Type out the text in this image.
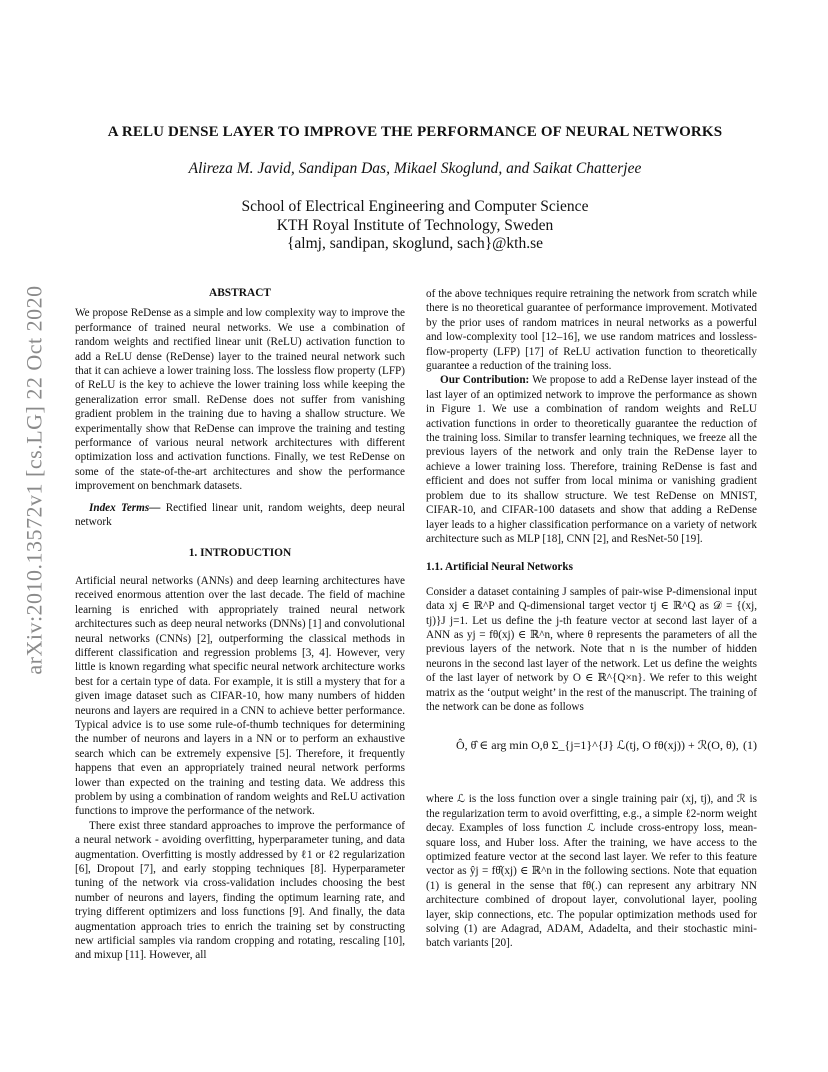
arXiv:2010.13572v1 [cs.LG] 22 Oct 2020
A RELU DENSE LAYER TO IMPROVE THE PERFORMANCE OF NEURAL NETWORKS
Alireza M. Javid, Sandipan Das, Mikael Skoglund, and Saikat Chatterjee
School of Electrical Engineering and Computer Science
KTH Royal Institute of Technology, Sweden
{almj, sandipan, skoglund, sach}@kth.se
ABSTRACT

We propose ReDense as a simple and low complexity way to improve the performance of trained neural networks. We use a combination of random weights and rectified linear unit (ReLU) activation function to add a ReLU dense (ReDense) layer to the trained neural network such that it can achieve a lower training loss. The lossless flow property (LFP) of ReLU is the key to achieve the lower training loss while keeping the generalization error small. ReDense does not suffer from vanishing gradient problem in the training due to having a shallow structure. We experimentally show that ReDense can improve the training and testing performance of various neural network architectures with different optimization loss and activation functions. Finally, we test ReDense on some of the state-of-the-art architectures and show the performance improvement on benchmark datasets.

Index Terms— Rectified linear unit, random weights, deep neural network

1. INTRODUCTION

Artificial neural networks (ANNs) and deep learning architectures have received enormous attention over the last decade. The field of machine learning is enriched with appropriately trained neural network architectures such as deep neural networks (DNNs) [1] and convolutional neural networks (CNNs) [2], outperforming the classical methods in different classification and regression problems [3, 4]. However, very little is known regarding what specific neural network architecture works best for a certain type of data. For example, it is still a mystery that for a given image dataset such as CIFAR-10, how many numbers of hidden neurons and layers are required in a CNN to achieve better performance. Typical advice is to use some rule-of-thumb techniques for determining the number of neurons and layers in a NN or to perform an exhaustive search which can be extremely expensive [5]. Therefore, it frequently happens that even an appropriately trained neural network performs lower than expected on the training and testing data. We address this problem by using a combination of random weights and ReLU activation functions to improve the performance of the network.

There exist three standard approaches to improve the performance of a neural network - avoiding overfitting, hyperparameter tuning, and data augmentation. Overfitting is mostly addressed by ℓ1 or ℓ2 regularization [6], Dropout [7], and early stopping techniques [8]. Hyperparameter tuning of the network via cross-validation includes choosing the best number of neurons and layers, finding the optimum learning rate, and trying different optimizers and loss functions [9]. And finally, the data augmentation approach tries to enrich the training set by constructing new artificial samples via random cropping and rotating, rescaling [10], and mixup [11]. However, all

of the above techniques require retraining the network from scratch while there is no theoretical guarantee of performance improvement. Motivated by the prior uses of random matrices in neural networks as a powerful and low-complexity tool [12–16], we use random matrices and lossless-flow-property (LFP) [17] of ReLU activation function to theoretically guarantee a reduction of the training loss.

Our Contribution: We propose to add a ReDense layer instead of the last layer of an optimized network to improve the performance as shown in Figure 1. We use a combination of random weights and ReLU activation functions in order to theoretically guarantee the reduction of the training loss. Similar to transfer learning techniques, we freeze all the previous layers of the network and only train the ReDense layer to achieve a lower training loss. Therefore, training ReDense is fast and efficient and does not suffer from local minima or vanishing gradient problem due to its shallow structure. We test ReDense on MNIST, CIFAR-10, and CIFAR-100 datasets and show that adding a ReDense layer leads to a higher classification performance on a variety of network architecture such as MLP [18], CNN [2], and ResNet-50 [19].

1.1. Artificial Neural Networks

Consider a dataset containing J samples of pair-wise P-dimensional input data xj ∈ ℝ^P and Q-dimensional target vector tj ∈ ℝ^Q as 𝒟 = {(xj, tj)}J j=1. Let us define the j-th feature vector at second last layer of a ANN as yj = fθ(xj) ∈ ℝ^n, where θ represents the parameters of all the previous layers of the network. Note that n is the number of hidden neurons in the second last layer of the network. Let us define the weights of the last layer of network by O ∈ ℝ^{Q×n}. We refer to this weight matrix as the ‘output weight’ in the rest of the manuscript. The training of the network can be done as follows

Ô, θ̂ ∈ arg min O,θ Σ_{j=1}^{J} ℒ(tj, O fθ(xj)) + ℛ(O, θ), (1)

where ℒ is the loss function over a single training pair (xj, tj), and ℛ is the regularization term to avoid overfitting, e.g., a simple ℓ2-norm weight decay. Examples of loss function ℒ include cross-entropy loss, mean-square loss, and Huber loss. After the training, we have access to the optimized feature vector at the second last layer. We refer to this feature vector as ŷj = fθ̂(xj) ∈ ℝ^n in the following sections. Note that equation (1) is general in the sense that fθ(.) can represent any arbitrary NN architecture combined of dropout layer, convolutional layer, pooling layer, skip connections, etc. The popular optimization methods used for solving (1) are Adagrad, ADAM, Adadelta, and their stochastic mini-batch variants [20].
